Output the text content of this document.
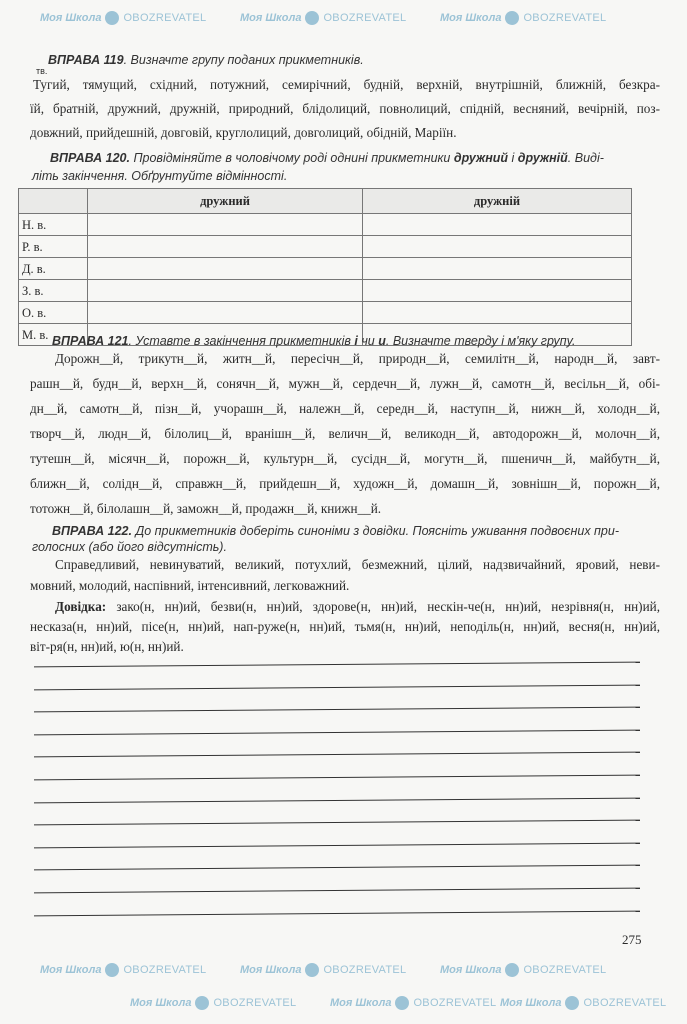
Моя Школа OBOZREVATEL	Моя Школа OBOZREVATEL	Моя Школа OBOZREVATEL
Моя Школа OBOZREVATEL	Моя Школа OBOZREVATEL	Моя Школа OBOZREVATEL
Моя Школа OBOZREVATEL	Моя Школа OBOZREVATEL Моя Школа OBOZREVATEL
ВПРАВА 119. Визначте групу поданих прикметників.
тв.
Тугий, тямущий, східний, потужний, семирічний, будній, верхній, внутрішній, ближній, безкра-
їй, братній, дружний, дружній, природний, блідолиций, повнолиций, спідній, весняний, вечірній, поз-
довжний, прийдешній, довговій, круглолиций, довголиций, обідній, Маріїн.
ВПРАВА 120. Провідміняйте в чоловічому роді однині прикметники дружний і дружній. Виді-
літь закінчення. Обґрунтуйте відмінності.
	дружний	дружній
Н. в.		
Р. в.		
Д. в.		
З. в.		
О. в.		
М. в.		ВПРАВА 121. Уставте в закінчення прикметників і чи и. Визначте тверду і м'яку групу.
Дорожн__й, трикутн__й, житн__й, пересічн__й, природн__й, семилітн__й, народн__й, завт-
рашн__й, будн__й, верхн__й, сонячн__й, мужн__й, сердечн__й, лужн__й, самотн__й, весільн__й, обі-
дн__й, самотн__й, пізн__й, учорашн__й, належн__й, середн__й, наступн__й, нижн__й, холодн__й,
творч__й, людн__й, білолиц__й, вранішн__й, величн__й, великодн__й, автодорожн__й, молочн__й,
тутешн__й, місячн__й, порожн__й, культурн__й, сусідн__й, могутн__й, пшеничн__й, майбутн__й,
ближн__й, солідн__й, справжн__й, прийдешн__й, художн__й, домашн__й, зовнішн__й, порожн__й,
тотожн__й, білолашн__й, заможн__й, продажн__й, книжн__й.
ВПРАВА 122. До прикметників доберіть синоніми з довідки. Поясніть уживання подвоєних при-
голосних (або його відсутність).
Справедливий, невинуватий, великий, потухлий, безмежний, цілий, надзвичайний, яровий, неви-
мовний, молодий, наспівний, інтенсивний, легковажний.
Довідка: зако(н, нн)ий, безви(н, нн)ий, здорове(н, нн)ий, нескін-че(н, нн)ий, незрівня(н, нн)ий,
несказа(н, нн)ий, пісе(н, нн)ий, нап-руже(н, нн)ий, тьмя(н, нн)ий, неподіль(н, нн)ий, весня(н, нн)ий,
віт-ря(н, нн)ий, ю(н, нн)ий.
275
